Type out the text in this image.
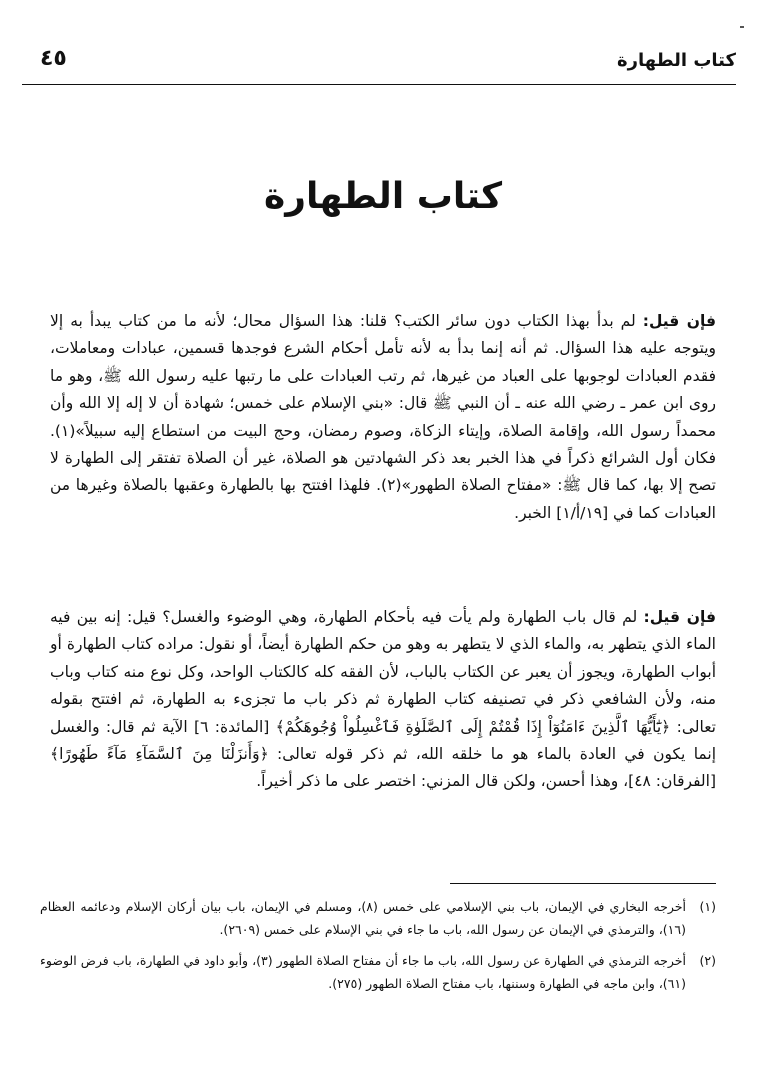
كتاب الطهارة
٤٥
كتاب الطهارة

فإن قيل: لم بدأ بهذا الكتاب دون سائر الكتب؟ قلنا: هذا السؤال محال؛ لأنه ما من كتاب يبدأ به إلا ويتوجه عليه هذا السؤال. ثم أنه إنما بدأ به لأنه تأمل أحكام الشرع فوجدها قسمين، عبادات ومعاملات، فقدم العبادات لوجوبها على العباد من غيرها، ثم رتب العبادات على ما رتبها عليه رسول الله ﷺ، وهو ما روى ابن عمر ـ رضي الله عنه ـ أن النبي ﷺ قال: «بني الإسلام على خمس؛ شهادة أن لا إله إلا الله وأن محمداً رسول الله، وإقامة الصلاة، وإيتاء الزكاة، وصوم رمضان، وحج البيت من استطاع إليه سبيلاً»(١). فكان أول الشرائع ذكراً في هذا الخبر بعد ذكر الشهادتين هو الصلاة، غير أن الصلاة تفتقر إلى الطهارة لا تصح إلا بها، كما قال ﷺ: «مفتاح الصلاة الطهور»(٢). فلهذا افتتح بها بالطهارة وعقبها بالصلاة وغيرها من العبادات كما في [١٩/أ/١] الخبر.

فإن قيل: لم قال باب الطهارة ولم يأت فيه بأحكام الطهارة، وهي الوضوء والغسل؟ قيل: إنه بين فيه الماء الذي يتطهر به، والماء الذي لا يتطهر به وهو من حكم الطهارة أيضاً، أو نقول: مراده كتاب الطهارة أو أبواب الطهارة، ويجوز أن يعبر عن الكتاب بالباب، لأن الفقه كله كالكتاب الواحد، وكل نوع منه كتاب وباب منه، ولأن الشافعي ذكر في تصنيفه كتاب الطهارة ثم ذكر باب ما تجزىء به الطهارة، ثم افتتح بقوله تعالى: ﴿يَٰٓأَيُّهَا ٱلَّذِينَ ءَامَنُوٓاْ إِذَا قُمْتُمْ إِلَى ٱلصَّلَوٰةِ فَٱغْسِلُواْ وُجُوهَكُمْ﴾ [المائدة: ٦] الآية ثم قال: والغسل إنما يكون في العادة بالماء هو ما خلقه الله، ثم ذكر قوله تعالى: ﴿وَأَنزَلْنَا مِنَ ٱلسَّمَآءِ مَآءً طَهُورًا﴾ [الفرقان: ٤٨]، وهذا أحسن، ولكن قال المزني: اختصر على ما ذكر أخيراً.

(١)
أخرجه البخاري في الإيمان، باب بني الإسلامي على خمس (٨)، ومسلم في الإيمان، باب بيان أركان الإسلام ودعائمه العظام (١٦)، والترمذي في الإيمان عن رسول الله، باب ما جاء في بني الإسلام على خمس (٢٦٠٩).
(٢)
أخرجه الترمذي في الطهارة عن رسول الله، باب ما جاء أن مفتاح الصلاة الطهور (٣)، وأبو داود في الطهارة، باب فرض الوضوء (٦١)، وابن ماجه في الطهارة وسننها، باب مفتاح الصلاة الطهور (٢٧٥).
